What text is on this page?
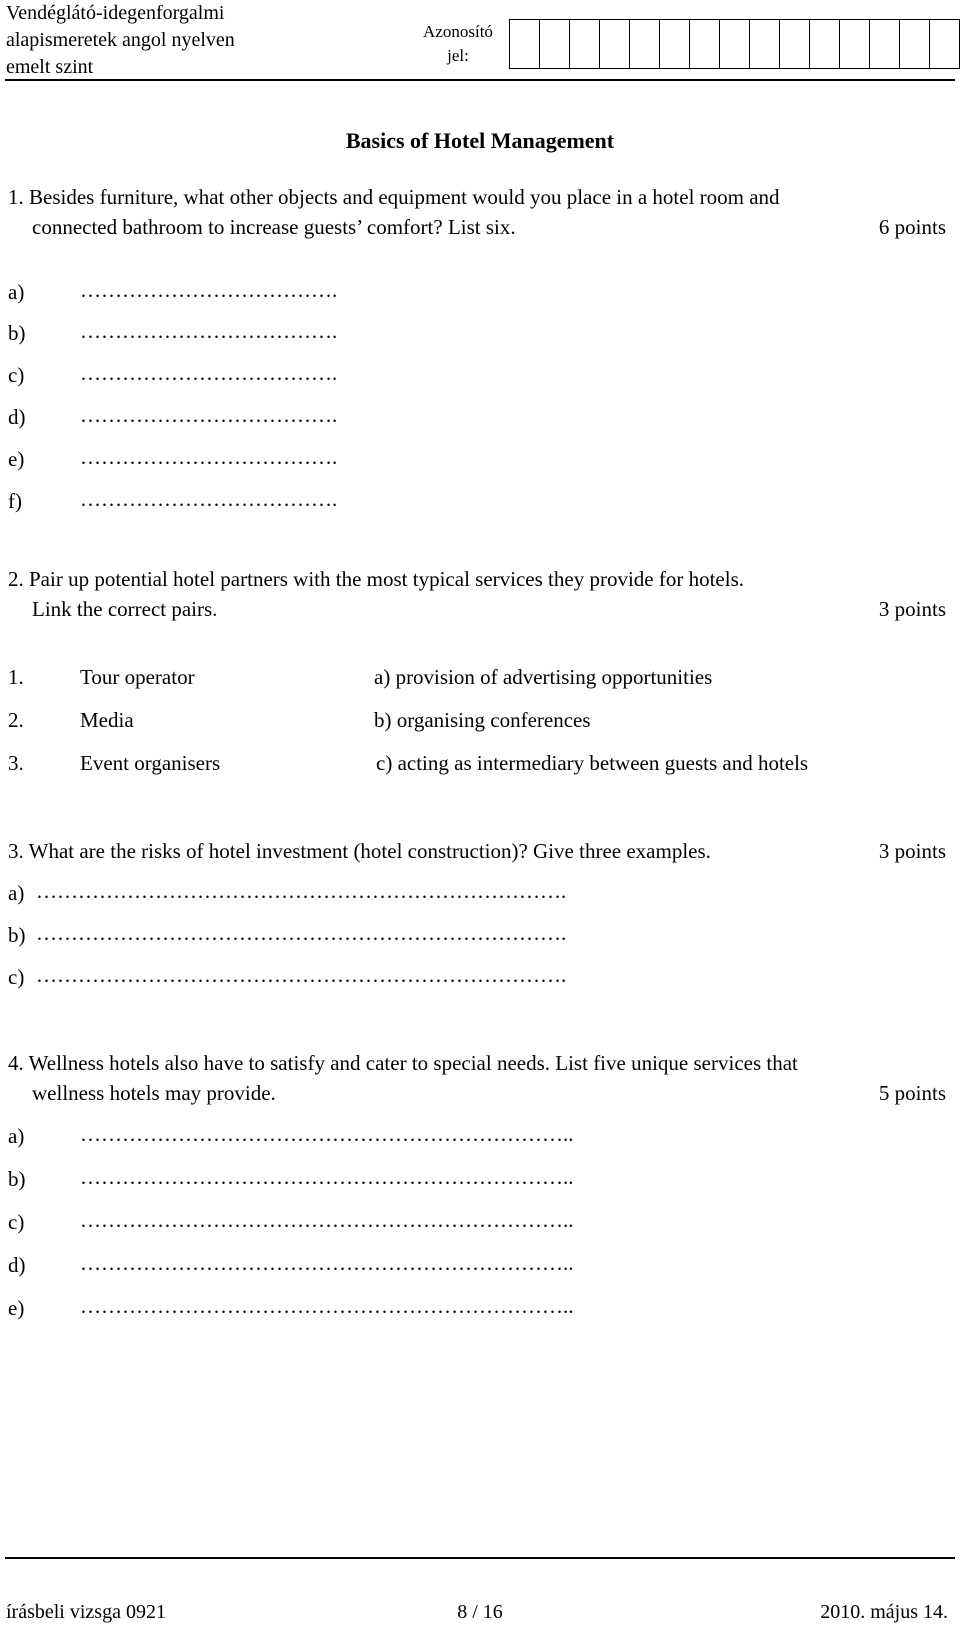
Vendéglátó-idegenforgalmi
alapismeretek angol nyelven
emelt szint
Azonosító
jel:
Basics of Hotel Management
1. Besides furniture, what other objects and equipment would you place in a hotel room and
connected bathroom to increase guests’ comfort? List six.	6 points
a)	……………………………….
b)	……………………………….
c)	……………………………….
d)	……………………………….
e)	……………………………….
f)	……………………………….
2. Pair up potential hotel partners with the most typical services they provide for hotels.
Link the correct pairs.	3 points
1.	Tour operator	a) provision of advertising opportunities
2.	Media	b) organising conferences
3.	Event organisers	c) acting as intermediary between guests and hotels
3. What are the risks of hotel investment (hotel construction)? Give three examples.	3 points
a) ………………………………………………………………….
b) ………………………………………………………………….
c) ………………………………………………………………….
4. Wellness hotels also have to satisfy and cater to special needs. List five unique services that
wellness hotels may provide.	5 points
a)	……………………………………………………………..
b)	……………………………………………………………..
c)	……………………………………………………………..
d)	……………………………………………………………..
e)	……………………………………………………………..
írásbeli vizsga 0921	8 / 16	2010. május 14.
